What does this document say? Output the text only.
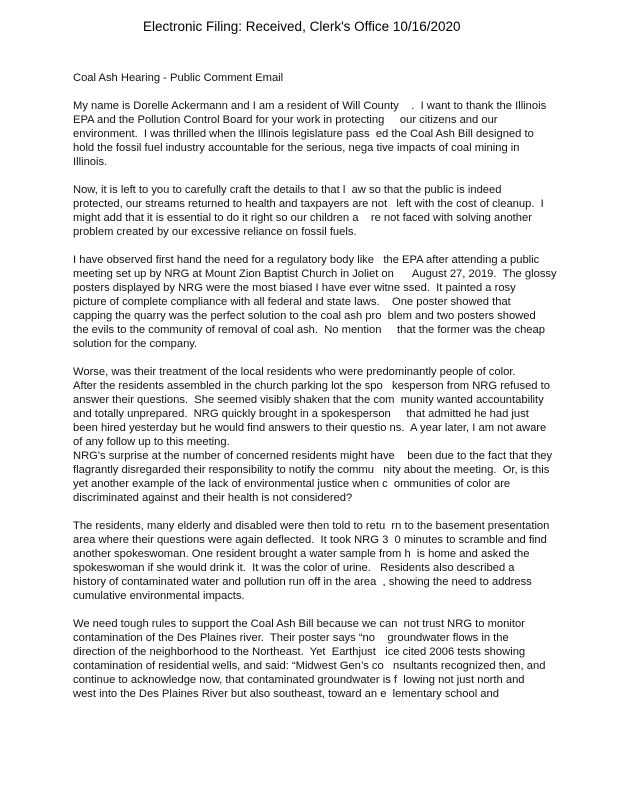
Electronic Filing: Received, Clerk's Office 10/16/2020
Coal Ash Hearing - Public Comment Email
My name is Dorelle Ackermann and I am a resident of Will County    .  I want to thank the Illinois
EPA and the Pollution Control Board for your work in protecting     our citizens and our
environment.  I was thrilled when the Illinois legislature pass  ed the Coal Ash Bill designed to
hold the fossil fuel industry accountable for the serious, nega tive impacts of coal mining in
Illinois.
Now, it is left to you to carefully craft the details to that l  aw so that the public is indeed
protected, our streams returned to health and taxpayers are not   left with the cost of cleanup.  I
might add that it is essential to do it right so our children a    re not faced with solving another
problem created by our excessive reliance on fossil fuels.
I have observed first hand the need for a regulatory body like   the EPA after attending a public
meeting set up by NRG at Mount Zion Baptist Church in Joliet on      August 27, 2019.  The glossy
posters displayed by NRG were the most biased I have ever witne ssed.  It painted a rosy
picture of complete compliance with all federal and state laws.    One poster showed that
capping the quarry was the perfect solution to the coal ash pro  blem and two posters showed
the evils to the community of removal of coal ash.  No mention     that the former was the cheap
solution for the company.
Worse, was their treatment of the local residents who were predominantly people of color.
After the residents assembled in the church parking lot the spo   kesperson from NRG refused to
answer their questions.  She seemed visibly shaken that the com  munity wanted accountability
and totally unprepared.  NRG quickly brought in a spokesperson     that admitted he had just
been hired yesterday but he would find answers to their questio ns.  A year later, I am not aware
of any follow up to this meeting.
NRG's surprise at the number of concerned residents might have    been due to the fact that they
flagrantly disregarded their responsibility to notify the commu   nity about the meeting.  Or, is this
yet another example of the lack of environmental justice when c  ommunities of color are
discriminated against and their health is not considered?
The residents, many elderly and disabled were then told to retu  rn to the basement presentation
area where their questions were again deflected.  It took NRG 3  0 minutes to scramble and find
another spokeswoman. One resident brought a water sample from h  is home and asked the
spokeswoman if she would drink it.  It was the color of urine.   Residents also described a
history of contaminated water and pollution run off in the area  , showing the need to address
cumulative environmental impacts.
We need tough rules to support the Coal Ash Bill because we can  not trust NRG to monitor
contamination of the Des Plaines river.  Their poster says “no    groundwater flows in the
direction of the neighborhood to the Northeast.  Yet  Earthjust   ice cited 2006 tests showing
contamination of residential wells, and said: “Midwest Gen’s co   nsultants recognized then, and
continue to acknowledge now, that contaminated groundwater is f  lowing not just north and
west into the Des Plaines River but also southeast, toward an e  lementary school and
